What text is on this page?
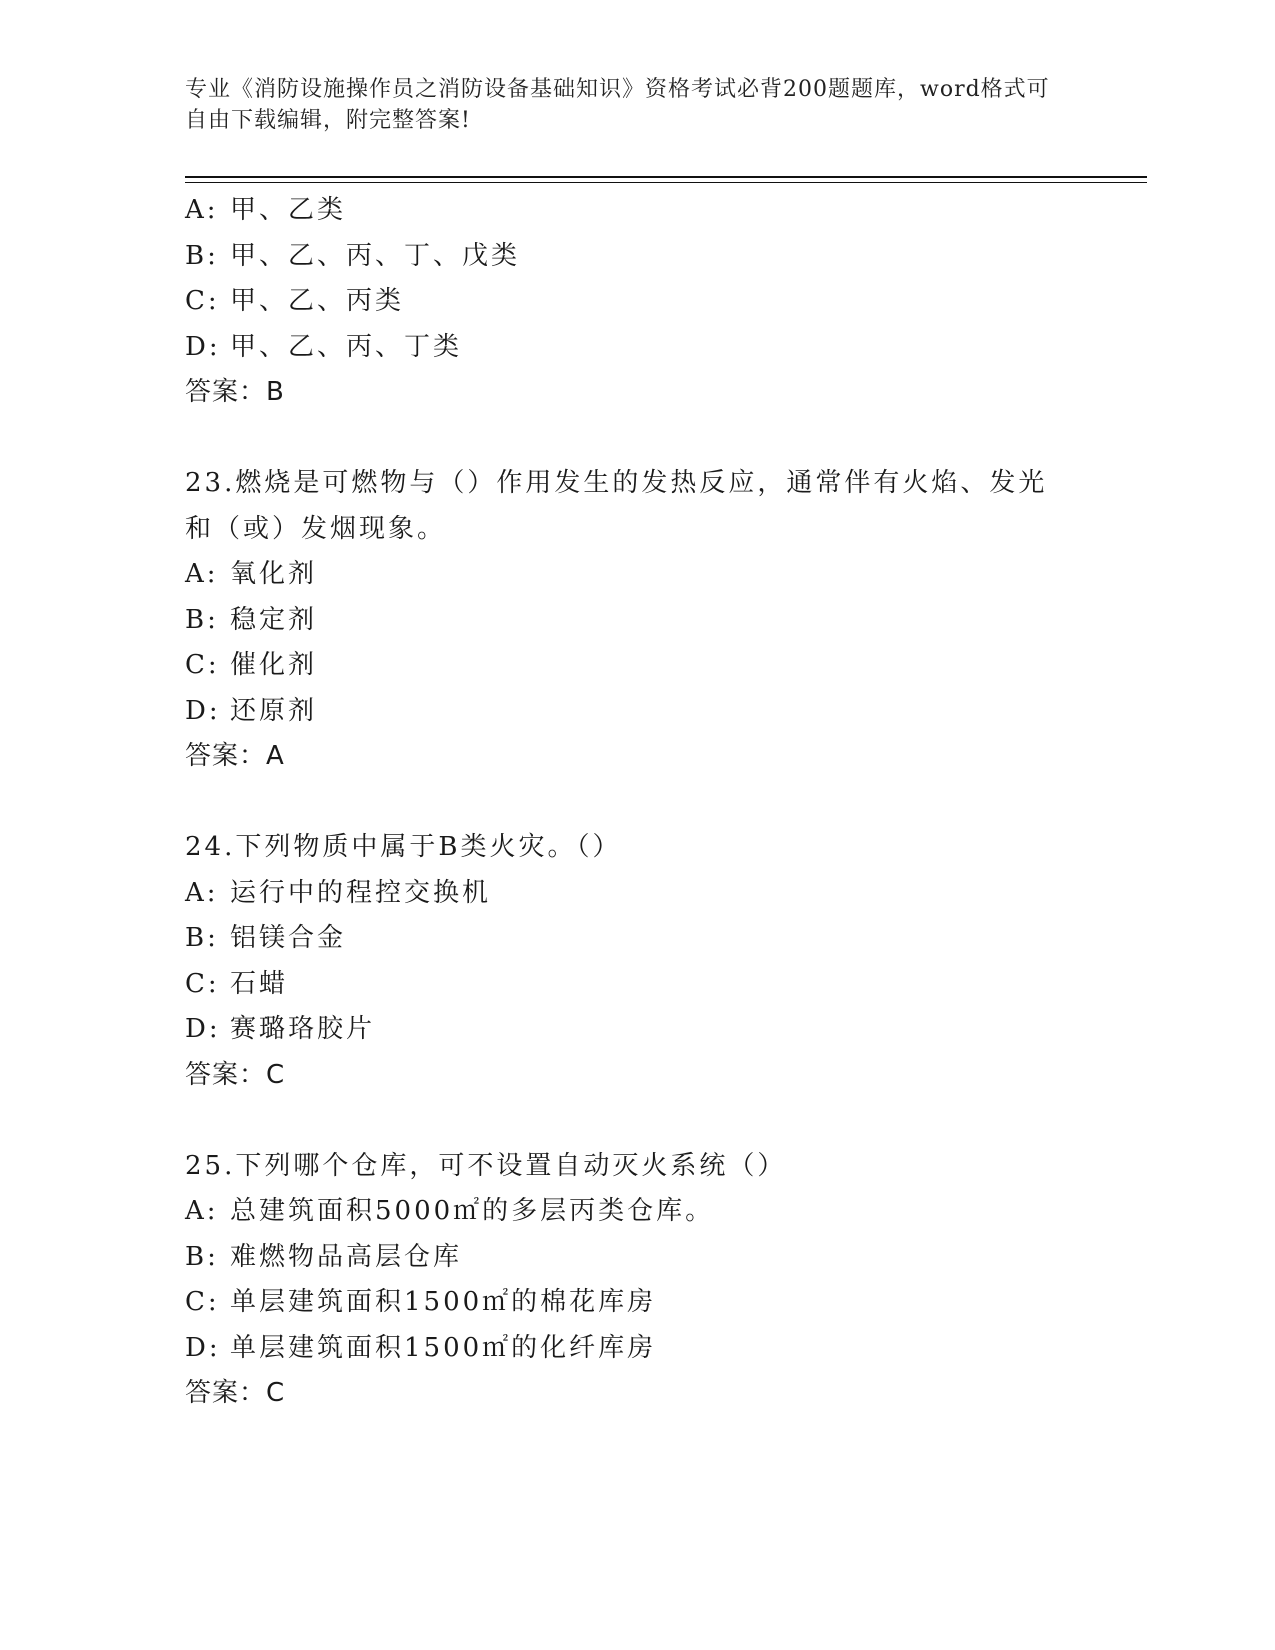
专业《消防设施操作员之消防设备基础知识》资格考试必背200题题库，word格式可自由下载编辑，附完整答案!
A: 甲、乙类
B: 甲、乙、丙、丁、戊类
C: 甲、乙、丙类
D: 甲、乙、丙、丁类
答案：B
23.燃烧是可燃物与（）作用发生的发热反应，通常伴有火焰、发光和（或）发烟现象。
A: 氧化剂
B: 稳定剂
C: 催化剂
D: 还原剂
答案：A
24.下列物质中属于B类火灾。（）
A: 运行中的程控交换机
B: 铝镁合金
C: 石蜡
D: 赛璐珞胶片
答案：C
25.下列哪个仓库，可不设置自动灭火系统（）
A: 总建筑面积5000㎡的多层丙类仓库。
B: 难燃物品高层仓库
C: 单层建筑面积1500㎡的棉花库房
D: 单层建筑面积1500㎡的化纤库房
答案：C
